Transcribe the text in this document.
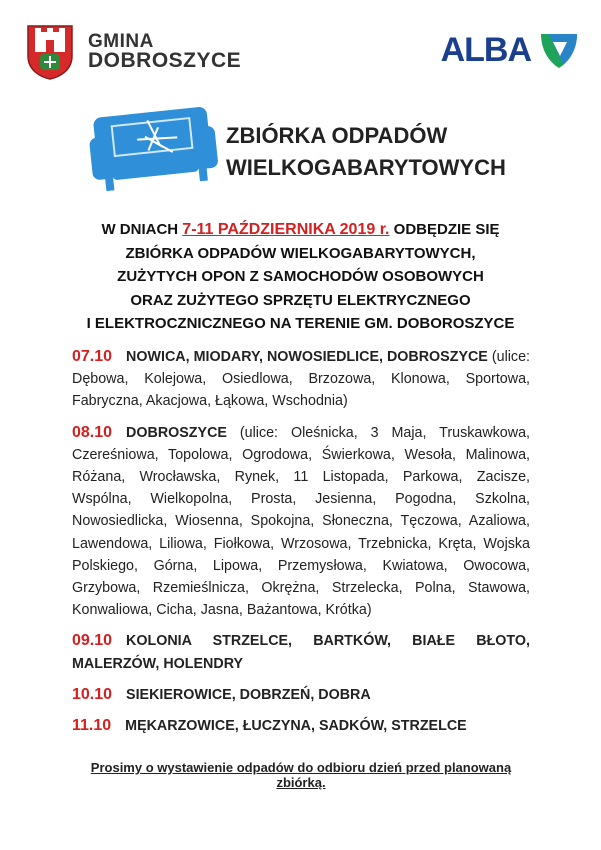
GMINA
DOBROSZYCE	ALBA
ZBIÓRKA ODPADÓW
WIELKOGABARYTOWYCH
W DNIACH 7-11 PAŹDZIERNIKA 2019 r. ODBĘDZIE SIĘ
ZBIÓRKA ODPADÓW WIELKOGABARYTOWYCH,
ZUŻYTYCH OPON Z SAMOCHODÓW OSOBOWYCH
ORAZ ZUŻYTEGO SPRZĘTU ELEKTRYCZNEGO
I ELEKTROCZNICZNEGO NA TERENIE GM. DOBOROSZYCE
07.10 NOWICA, MIODARY, NOWOSIEDLICE, DOBROSZYCE (ulice: Dębowa, Kolejowa, Osiedlowa, Brzozowa, Klonowa, Sportowa, Fabryczna, Akacjowa, Łąkowa, Wschodnia)
08.10 DOBROSZYCE (ulice: Oleśnicka, 3 Maja, Truskawkowa, Czereśniowa, Topolowa, Ogrodowa, Świerkowa, Wesoła, Malinowa, Różana, Wrocławska, Rynek, 11 Listopada, Parkowa, Zacisze, Wspólna, Wielkopolna, Prosta, Jesienna, Pogodna, Szkolna, Nowosiedlicka, Wiosenna, Spokojna, Słoneczna, Tęczowa, Azaliowa, Lawendowa, Liliowa, Fiołkowa, Wrzosowa, Trzebnicka, Kręta, Wojska Polskiego, Górna, Lipowa, Przemysłowa, Kwiatowa, Owocowa, Grzybowa, Rzemieślnicza, Okrężna, Strzelecka, Polna, Stawowa, Konwaliowa, Cicha, Jasna, Bażantowa, Krótka)
09.10 KOLONIA STRZELCE, BARTKÓW, BIAŁE BŁOTO, MALERZÓW, HOLENDRY
10.10 SIEKIEROWICE, DOBRZEŃ, DOBRA
11.10 MĘKARZOWICE, ŁUCZYNA, SADKÓW, STRZELCE
Prosimy o wystawienie odpadów do odbioru dzień przed planowaną zbiórką.
